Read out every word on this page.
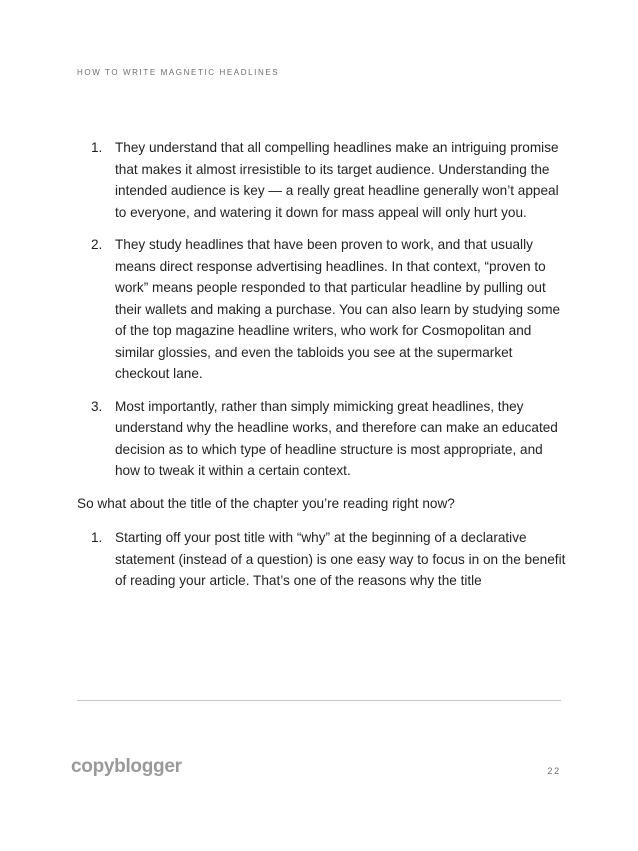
HOW TO WRITE MAGNETIC HEADLINES
1. They understand that all compelling headlines make an intriguing promise that makes it almost irresistible to its target audience. Understanding the intended audience is key — a really great headline generally won’t appeal to everyone, and watering it down for mass appeal will only hurt you.
2. They study headlines that have been proven to work, and that usually means direct response advertising headlines. In that context, “proven to work” means people responded to that particular headline by pulling out their wallets and making a purchase. You can also learn by studying some of the top magazine headline writers, who work for Cosmopolitan and similar glossies, and even the tabloids you see at the supermarket checkout lane.
3. Most importantly, rather than simply mimicking great headlines, they understand why the headline works, and therefore can make an educated decision as to which type of headline structure is most appropriate, and how to tweak it within a certain context.

So what about the title of the chapter you’re reading right now?

1. Starting off your post title with “why” at the beginning of a declarative statement (instead of a question) is one easy way to focus in on the benefit of reading your article. That’s one of the reasons why the title
copyblogger	22
